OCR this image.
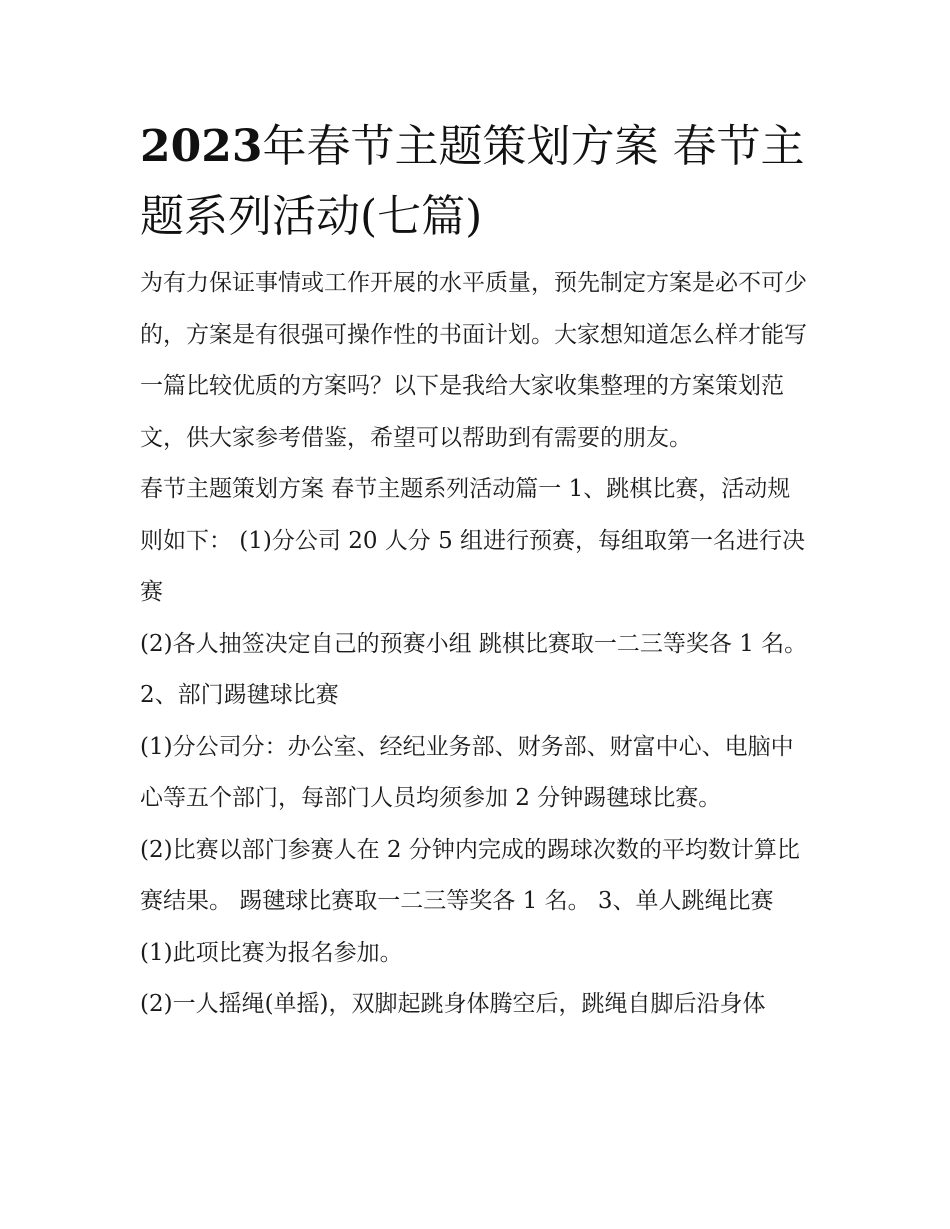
2023年春节主题策划方案 春节主题系列活动(七篇)

为有力保证事情或工作开展的水平质量，预先制定方案是必不可少的，方案是有很强可操作性的书面计划。大家想知道怎么样才能写一篇比较优质的方案吗？以下是我给大家收集整理的方案策划范文，供大家参考借鉴，希望可以帮助到有需要的朋友。

春节主题策划方案 春节主题系列活动篇一 1、跳棋比赛，活动规则如下： (1)分公司 20 人分 5 组进行预赛，每组取第一名进行决赛

(2)各人抽签决定自己的预赛小组 跳棋比赛取一二三等奖各 1 名。 2、部门踢毽球比赛

(1)分公司分：办公室、经纪业务部、财务部、财富中心、电脑中心等五个部门，每部门人员均须参加 2 分钟踢毽球比赛。

(2)比赛以部门参赛人在 2 分钟内完成的踢球次数的平均数计算比赛结果。 踢毽球比赛取一二三等奖各 1 名。 3、单人跳绳比赛 (1)此项比赛为报名参加。

(2)一人摇绳(单摇)，双脚起跳身体腾空后，跳绳自脚后沿身体
